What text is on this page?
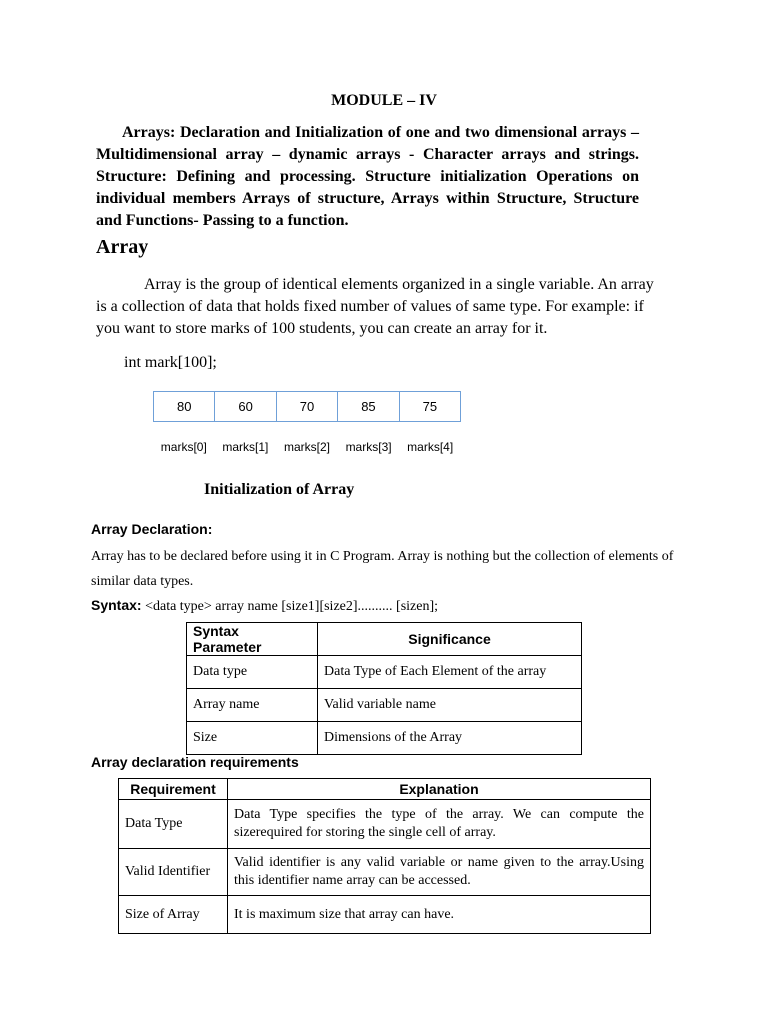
MODULE – IV
Arrays: Declaration and Initialization of one and two dimensional arrays – Multidimensional array – dynamic arrays - Character arrays and strings. Structure: Defining and processing. Structure initialization Operations on individual members Arrays of structure, Arrays within Structure, Structure and Functions- Passing to a function.
Array
Array is the group of identical elements organized in a single variable. An array is a collection of data that holds fixed number of values of same type. For example: if you want to store marks of 100 students, you can create an array for it.
int mark[100];
80	60	70	85	75
marks[0]	marks[1]	marks[2]	marks[3]	marks[4]
Initialization of Array
Array Declaration:
Array has to be declared before using it in C Program. Array is nothing but the collection of elements of similar data types.
Syntax: <data type> array name [size1][size2].......... [sizen];
Syntax Parameter	Significance
Data type	Data Type of Each Element of the array
Array name	Valid variable name
Size	Dimensions of the Array
Array declaration requirements
Requirement	Explanation
Data Type	Data Type specifies the type of the array. We can compute the sizerequired for storing the single cell of array.
Valid Identifier	Valid identifier is any valid variable or name given to the array.Using this identifier name array can be accessed.
Size of Array	It is maximum size that array can have.
